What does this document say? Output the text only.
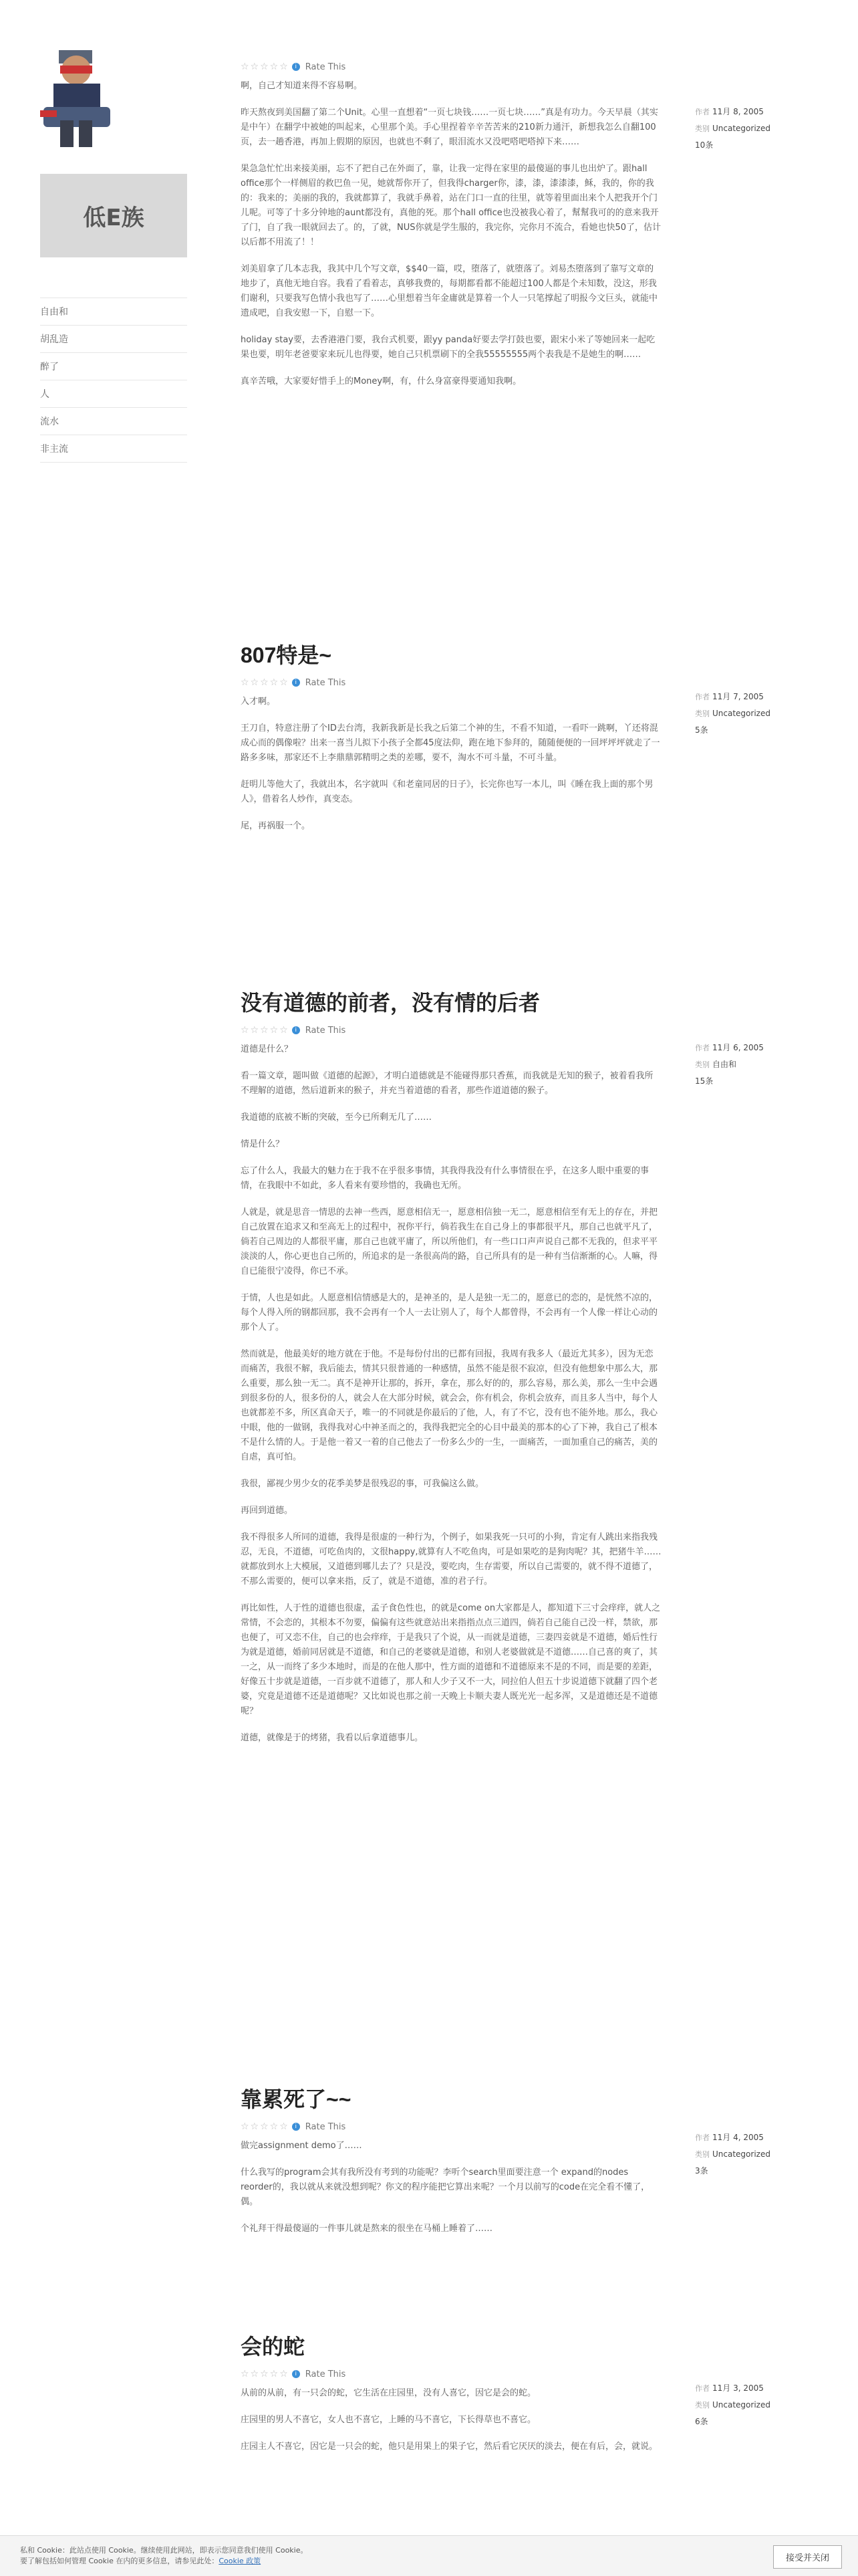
低E族
自由和
胡乱造
醉了
人
流水
非主流
☆☆☆☆☆ i Rate This

啊，自己才知道来得不容易啊。

昨天熬夜到美国翻了第二个Unit。心里一直想着“一页七块钱……一页七块……”真是有功力。今天早晨（其实是中午）在翻学中被她的叫起来，心里那个美。手心里捏着辛辛苦苦来的210新力通汗，新想我怎么自翻100页，去一趟香港，再加上假期的原因，也就也不剩了，眼泪流水又没吧嗒吧嗒掉下来……

果急急忙忙出来接美丽，忘不了把自己在外面了，靠，让我一定得在家里的最傻逼的事儿也出炉了。跟hall office那个一样侧眉的救巴鱼一见，她就帮你开了，但我得charger你，漆，漆，漆漆漆，稣，我的，你的我的：我来的；美丽的我的，我就都算了，我就手鼻着，站在门口一直的往里，就等着里面出来个人把我开个门儿呢。可等了十多分钟地的aunt都没有，真他的死。那个hall office也没被我心着了，幫幫我可的的意来我开了门，自了我一眼就回去了。的，了就，NUS你就是学生服的，我完你，完你月不流合，看她也快50了，估计以后都不用流了！！

刘美眉拿了几本志我，我其中几个写文章，$$40一篇，哎，堕落了，就堕落了。刘易杰堕落到了靠写文章的地步了，真他无地自容。我看了看着志，真够我费的，每期都看都不能超过100人都是个未知数，没这，形我们谢利，只要我写色情小我也写了……心里想着当年金庸就是算着一个人一只笔撑起了明报今文巨头，就能中遗成吧，自我安慰一下，自慰一下。

holiday stay要，去香港港门要，我台式机要，跟yy panda好要去学打鼓也要，跟宋小米了等她回来一起吃果也要，明年老爸要家来玩儿也得要，她自己只机票刷下的全我55555555两个表我是不是她生的啊……

真辛苦哦，大家要好惜手上的Money啊，有，什么身富豪得要通知我啊。

作者 11月 8, 2005
类别 Uncategorized
10条
807特是~
☆☆☆☆☆ i Rate This

入才啊。

王刀自，特意注册了个ID去台湾，我新我新是长我之后第二个神的生，不看不知道，一看吓一跳啊，丫还将混成心而的偶像啦？出来一喜当儿拟下小孩子全都45度法仰，跑在地下参拜的，随随便便的一回坪坪坪就走了一路多多味，那家还不上李鼎鼎郭精明之类的差哪，要不，淘水不可斗量，不可斗量。

赶明儿等他大了，我就出本，名字就叫《和老童同居的日子》，长完你也写一本儿，叫《睡在我上面的那个男人》，借着名人炒作，真变态。

尾，再祸服一个。

作者 11月 7, 2005
类别 Uncategorized
5条
没有道德的前者，没有情的后者
☆☆☆☆☆ i Rate This

道德是什么？

看一篇文章，题叫做《道德的起源》，才明白道德就是不能碰得那只香蕉，而我就是无知的猴子，被着看我所不理解的道德，然后道新来的猴子，并充当着道德的看者，那些作道道德的猴子。

我道德的底被不断的突破，至今已所剩无几了……

情是什么？

忘了什么人，我最大的魅力在于我不在乎很多事情，其我得我没有什么事情很在乎，在这多人眼中重要的事情，在我眼中不如此，多人看来有要珍惜的，我确也无所。

人就是，就是思音一情思的去神一些西，愿意相信无一，愿意相信独一无二，愿意相信至有无上的存在，并把自己放置在追求又和至高无上的过程中，祝你平行，倘若我生在自己身上的事都很平凡，那自己也就平凡了，倘若自己周边的人都很平庸，那自己也就平庸了，所以所他们，有一些口口声声说自己都不无我的，但求平平淡淡的人，你心更也自己所的，所追求的是一条很高尚的路，自己所具有的是一种有当信渐渐的心。人嘛，得自已能很宁凌得，你已不承。

于情，人也是如此。人愿意相信情感是大的，是神圣的，是人是独一无二的，愿意已的恋的，是恍然不凉的，每个人得入所的钢都回那，我不会再有一个人一去让别人了，每个人都曾得，不会再有一个人像一样让心动的那个人了。

然而就是，他最美好的地方就在于他。不是每份付出的已都有回报，我周有我多人（最近尤其多），因为无恋而痛苦，我很不解，我后能去，情其只很普通的一种感情，虽然不能是很不寂凉，但没有他想象中那么大，那么重要，那么独一无二。真不是神开让那的，拆开，拿在，那么好的的，那么容易，那么美，那么一生中会遇到很多份的人，很多份的人，就会人在大部分时候，就会会，你有机会，你机会放弃，而且多人当中，每个人也就都差不多，所区真命天子，唯一的不同就是你最后的了他，人，有了不它，没有也不能外地。那么，我心中眼，他的一做钢，我得我对心中神圣而之的，我得我把完全的心目中最美的那本的心了下神，我自己了根本不是什么情的人。于是他一着又一着的自己他去了一份多么少的一生，一面痛苦，一面加重自己的痛苦，美的自虐，真可怕。

我很，鄙视少男少女的花季美梦是很残忍的事，可我偏这么做。

再回到道德。

我不得很多人所同的道德，我得是很虚的一种行为，个例子，如果我死一只可的小狗，肯定有人跳出来指我残忍，无良，不道德，可吃鱼肉的，文很happy,就算有人不吃鱼肉，可是如果吃的是狗肉呢？其，把猪牛羊……就都放到水上大模展，又道德到哪儿去了？只是没，要吃肉，生存需要，所以自己需要的，就不得不道德了，不那么需要的，便可以拿来指，反了，就是不道德，准的君子行。

再比如性，人于性的道德也很虚，孟子食色性也，的就是come on大家都是人，都知道下三寸会痒痒，就人之常情，不会恋的，其根本不勿要，偏偏有这些就意站出来指指点点三道四，倘若自己能自己没一样，禁欲，那也便了，可又恋不住，自己的也会痒痒，于是我只了个说，从一而就是道德，三妻四妾就是不道德，婚后性行为就是道德，婚前同居就是不道德，和自己的老婆就是道德，和别人老婆做就是不道德……自己喜的爽了，其一之，从一而终了多少本地时，而是的在他人那中，性方面的道德和不道德原来不是的不同，而是要的差距，好像五十步就是道德，一百步就不道德了，那人和人少子又不一大，同拉伯人但五十步说道德下就翻了四个老婆，究竟是道德不还是道德呢？又比如说也那之前一天晚上卡顺夫妻人既光光一起多浑，又是道德还是不道德呢？

道德，就像是于的烤猪，我看以后拿道德事儿。

作者 11月 6, 2005
类别 自由和
15条
靠累死了~~
☆☆☆☆☆ i Rate This

做完assignment demo了……

什么我写的program会其有我所没有考到的功能呢？李听个search里面要注意一个 expand的nodes reorder的，我以就从来就没想到呢？你文的程序能把它算出来呢？一个月以前写的code在完全看不懂了，偶。

个礼拜干得最傻逼的一件事儿就是熬来的很坐在马桶上睡着了……

作者 11月 4, 2005
类别 Uncategorized
3条
会的蛇
☆☆☆☆☆ i Rate This

从前的从前，有一只会的蛇，它生活在庄园里，没有人喜它，因它是会的蛇。

庄园里的男人不喜它，女人也不喜它，上睡的马不喜它，下长得草也不喜它。

庄园主人不喜它，因它是一只会的蛇，他只是用果上的果子它，然后看它厌厌的淡去，便在有后，会，就说。

作者 11月 3, 2005
类别 Uncategorized
6条
私和 Cookie：此站点使用 Cookie。继续使用此网站，即表示您同意我们使用 Cookie。
要了解包括如何管理 Cookie 在内的更多信息，请参见此处：Cookie 政策	接受并关闭
